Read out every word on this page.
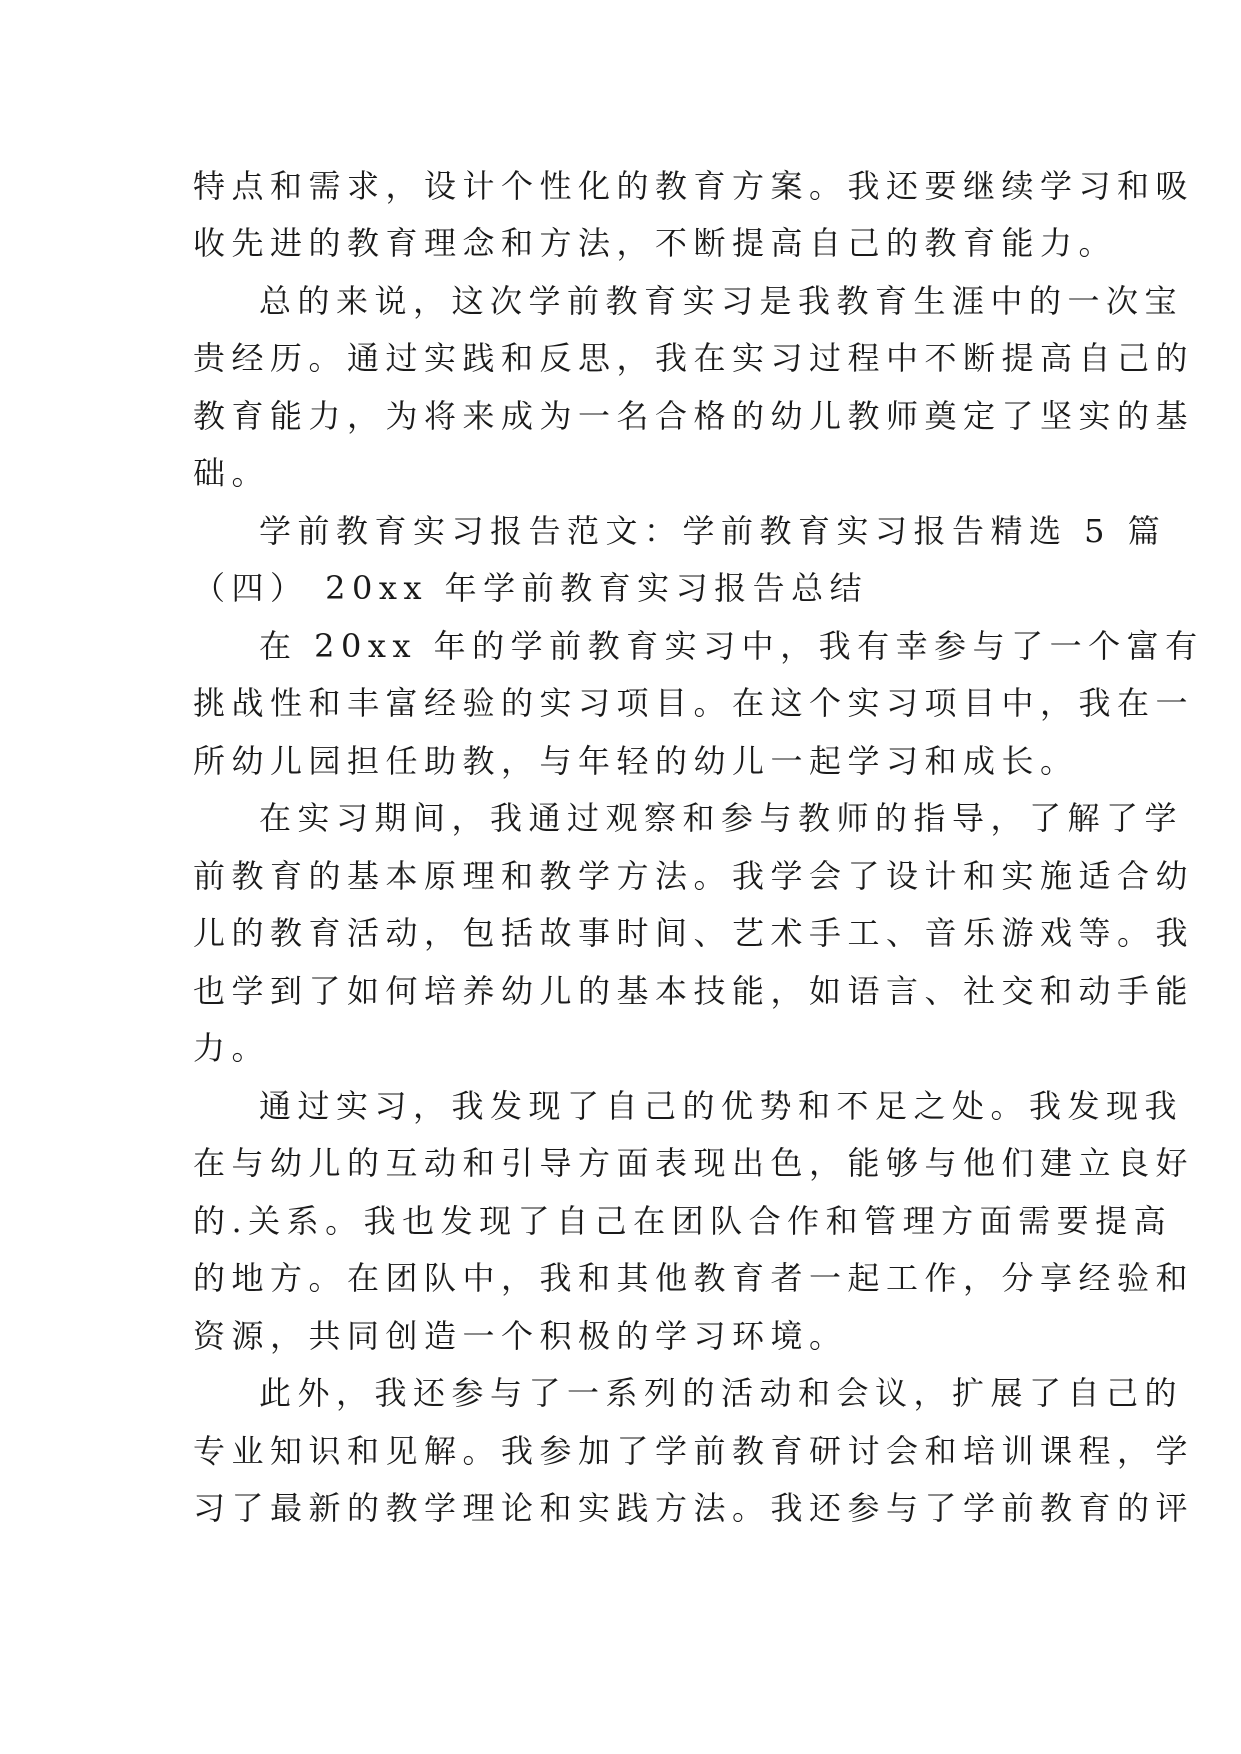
特点和需求，设计个性化的教育方案。我还要继续学习和吸
收先进的教育理念和方法，不断提高自己的教育能力。
总的来说，这次学前教育实习是我教育生涯中的一次宝
贵经历。通过实践和反思，我在实习过程中不断提高自己的
教育能力，为将来成为一名合格的幼儿教师奠定了坚实的基
础。
学前教育实习报告范文：学前教育实习报告精选 5 篇
（四） 20xx 年学前教育实习报告总结
在 20xx 年的学前教育实习中，我有幸参与了一个富有
挑战性和丰富经验的实习项目。在这个实习项目中，我在一
所幼儿园担任助教，与年轻的幼儿一起学习和成长。
在实习期间，我通过观察和参与教师的指导，了解了学
前教育的基本原理和教学方法。我学会了设计和实施适合幼
儿的教育活动，包括故事时间、艺术手工、音乐游戏等。我
也学到了如何培养幼儿的基本技能，如语言、社交和动手能
力。
通过实习，我发现了自己的优势和不足之处。我发现我
在与幼儿的互动和引导方面表现出色，能够与他们建立良好
的.关系。我也发现了自己在团队合作和管理方面需要提高
的地方。在团队中，我和其他教育者一起工作，分享经验和
资源，共同创造一个积极的学习环境。
此外，我还参与了一系列的活动和会议，扩展了自己的
专业知识和见解。我参加了学前教育研讨会和培训课程，学
习了最新的教学理论和实践方法。我还参与了学前教育的评
